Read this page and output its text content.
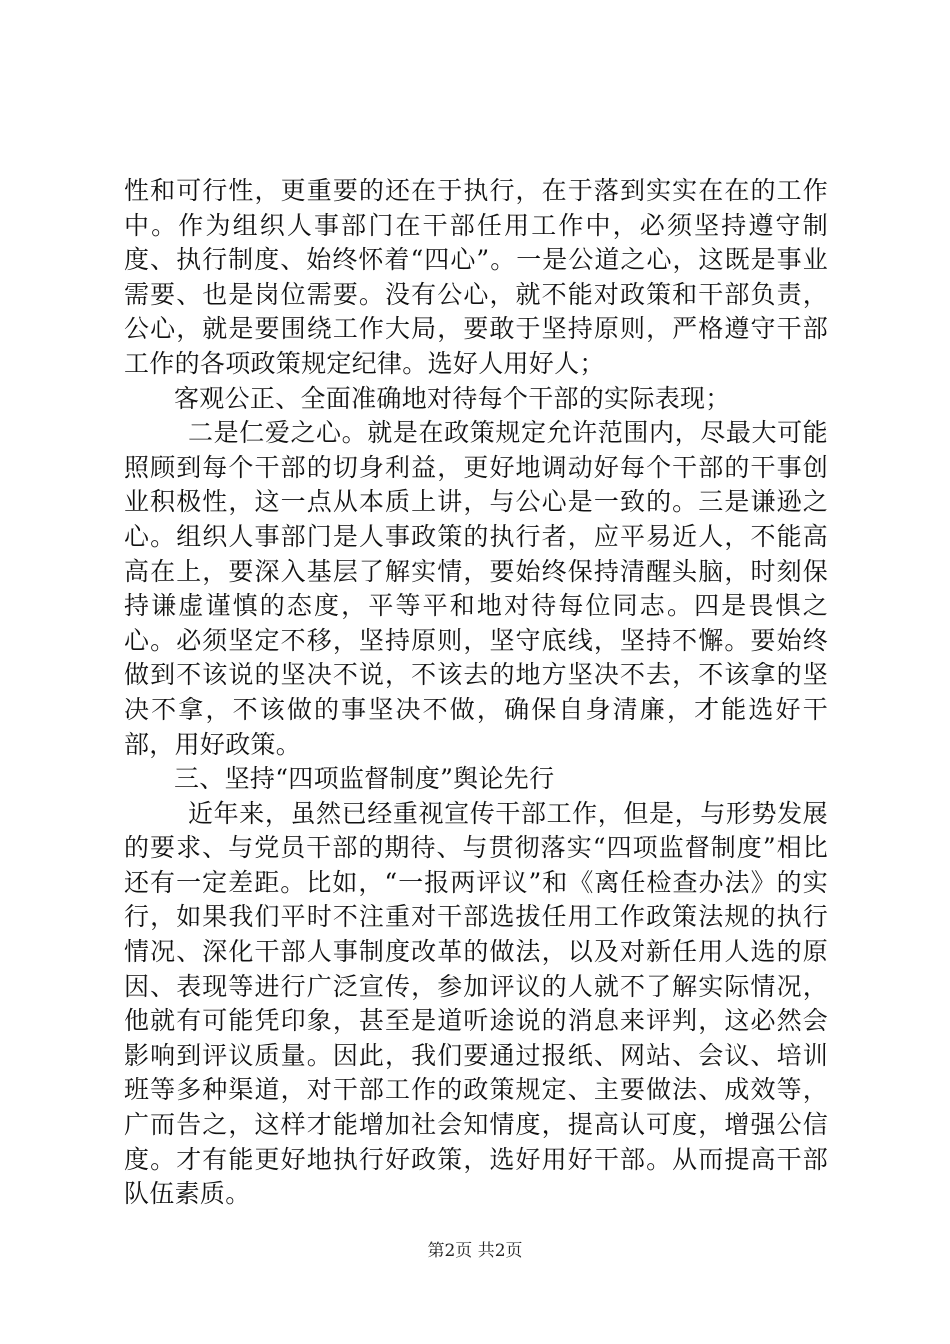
性和可行性，更重要的还在于执行，在于落到实实在在的工作中。作为组织人事部门在干部任用工作中，必须坚持遵守制度、执行制度、始终怀着“四心”。一是公道之心，这既是事业需要、也是岗位需要。没有公心，就不能对政策和干部负责，公心，就是要围绕工作大局，要敢于坚持原则，严格遵守干部工作的各项政策规定纪律。选好人用好人；

客观公正、全面准确地对待每个干部的实际表现；

二是仁爱之心。就是在政策规定允许范围内，尽最大可能照顾到每个干部的切身利益，更好地调动好每个干部的干事创业积极性，这一点从本质上讲，与公心是一致的。三是谦逊之心。组织人事部门是人事政策的执行者，应平易近人，不能高高在上，要深入基层了解实情，要始终保持清醒头脑，时刻保持谦虚谨慎的态度，平等平和地对待每位同志。四是畏惧之心。必须坚定不移，坚持原则，坚守底线，坚持不懈。要始终做到不该说的坚决不说，不该去的地方坚决不去，不该拿的坚决不拿，不该做的事坚决不做，确保自身清廉，才能选好干部，用好政策。

三、坚持“四项监督制度”舆论先行

近年来，虽然已经重视宣传干部工作，但是，与形势发展的要求、与党员干部的期待、与贯彻落实“四项监督制度”相比还有一定差距。比如，“一报两评议”和《离任检查办法》的实行，如果我们平时不注重对干部选拔任用工作政策法规的执行情况、深化干部人事制度改革的做法，以及对新任用人选的原因、表现等进行广泛宣传，参加评议的人就不了解实际情况，他就有可能凭印象，甚至是道听途说的消息来评判，这必然会影响到评议质量。因此，我们要通过报纸、网站、会议、培训班等多种渠道，对干部工作的政策规定、主要做法、成效等，广而告之，这样才能增加社会知情度，提高认可度，增强公信度。才有能更好地执行好政策，选好用好干部。从而提高干部队伍素质。

第2页 共2页
